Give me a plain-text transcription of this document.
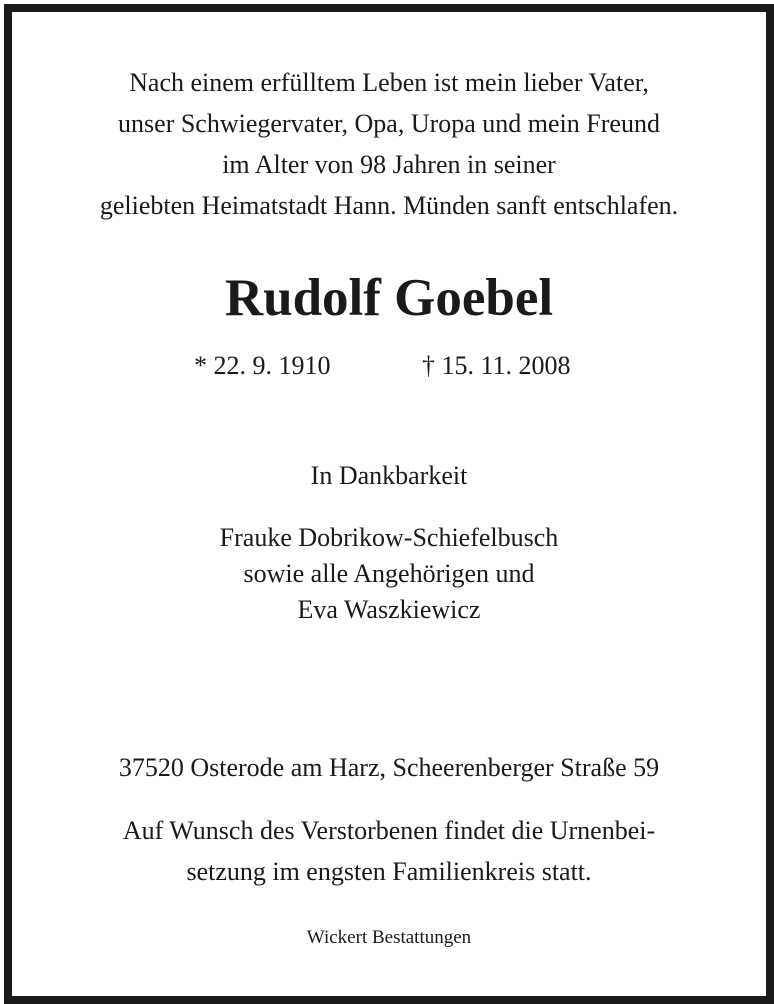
Nach einem erfülltem Leben ist mein lieber Vater,
unser Schwiegervater, Opa, Uropa und mein Freund
im Alter von 98 Jahren in seiner
geliebten Heimatstadt Hann. Münden sanft entschlafen.
Rudolf Goebel
* 22. 9. 1910	† 15. 11. 2008
In Dankbarkeit
Frauke Dobrikow-Schiefelbusch
sowie alle Angehörigen und
Eva Waszkiewicz
37520 Osterode am Harz, Scheerenberger Straße 59
Auf Wunsch des Verstorbenen findet die Urnenbei-
setzung im engsten Familienkreis statt.
Wickert Bestattungen
